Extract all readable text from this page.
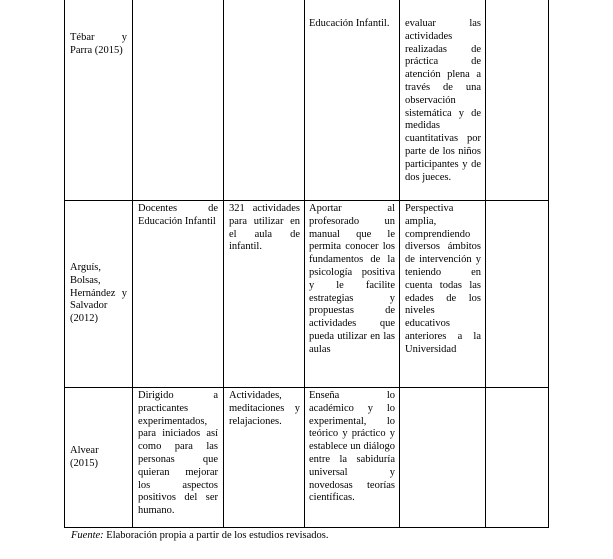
Tébar y Parra (2015)
Educación Infantil.	evaluar las actividades realizadas de práctica de atención plena a través de una observación sistemática y de medidas cuantitativas por parte de los niños participantes y de dos jueces.
Arguís, Bolsas, Hernández y Salvador (2012)
Docentes de Educación Infantil
321 actividades para utilizar en el aula de infantil.
Aportar al profesorado un manual que le permita conocer los fundamentos de la psicología positiva y le facilite estrategias y propuestas de actividades que pueda utilizar en las aulas
Perspectiva amplia, comprendiendo diversos ámbitos de intervención y teniendo en cuenta todas las edades de los niveles educativos anteriores a la Universidad
Alvear (2015)
Dirigido a practicantes experimentados, para iniciados así como para las personas que quieran mejorar los aspectos positivos del ser humano.
Actividades, meditaciones y relajaciones.
Enseña lo académico y lo experimental, lo teórico y práctico y establece un diálogo entre la sabiduría universal y novedosas teorías científicas.
Fuente: Elaboración propia a partir de los estudios revisados.
